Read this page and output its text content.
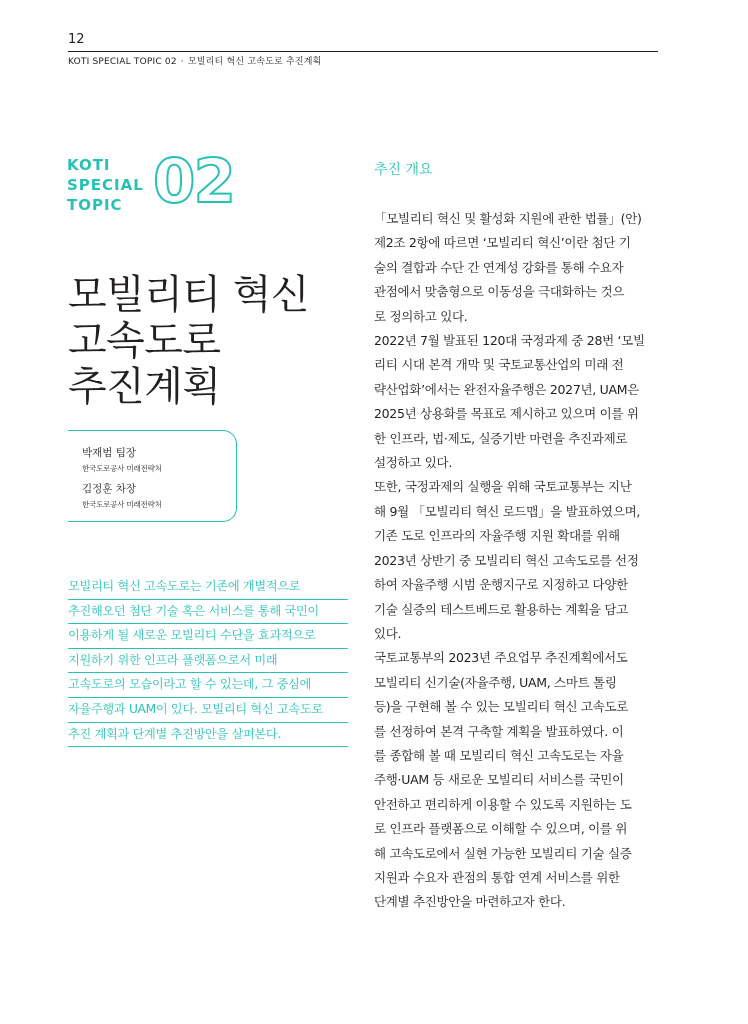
12

KOTI SPECIAL TOPIC 02 · 모빌리티 혁신 고속도로 추진계획
KOTI
SPECIAL
TOPIC 02
모빌리티 혁신
고속도로
추진계획
박재범 팀장
한국도로공사 미래전략처
김정훈 차장
한국도로공사 미래전략처

모빌리티 혁신 고속도로는 기존에 개별적으로
추진해오던 첨단 기술 혹은 서비스를 통해 국민이
이용하게 될 새로운 모빌리티 수단을 효과적으로
지원하기 위한 인프라 플랫폼으로서 미래
고속도로의 모습이라고 할 수 있는데, 그 중심에
자율주행과 UAM이 있다. 모빌리티 혁신 고속도로
추진 계획과 단계별 추진방안을 살펴본다.

추진 개요
「모빌리티 혁신 및 활성화 지원에 관한 법률」(안)
제2조 2항에 따르면 ‘모빌리티 혁신’이란 첨단 기
술의 결합과 수단 간 연계성 강화를 통해 수요자
관점에서 맞춤형으로 이동성을 극대화하는 것으
로 정의하고 있다.
2022년 7월 발표된 120대 국정과제 중 28번 ‘모빌
리티 시대 본격 개막 및 국토교통산업의 미래 전
략산업화’에서는 완전자율주행은 2027년, UAM은
2025년 상용화를 목표로 제시하고 있으며 이를 위
한 인프라, 법·제도, 실증기반 마련을 추진과제로
설정하고 있다.
또한, 국정과제의 실행을 위해 국토교통부는 지난
해 9월 「모빌리티 혁신 로드맵」을 발표하였으며,
기존 도로 인프라의 자율주행 지원 확대를 위해
2023년 상반기 중 모빌리티 혁신 고속도로를 선정
하여 자율주행 시범 운행지구로 지정하고 다양한
기술 실증의 테스트베드로 활용하는 계획을 담고
있다.
국토교통부의 2023년 주요업무 추진계획에서도
모빌리티 신기술(자율주행, UAM, 스마트 톨링
등)을 구현해 볼 수 있는 모빌리티 혁신 고속도로
를 선정하여 본격 구축할 계획을 발표하였다. 이
를 종합해 볼 때 모빌리티 혁신 고속도로는 자율
주행·UAM 등 새로운 모빌리티 서비스를 국민이
안전하고 편리하게 이용할 수 있도록 지원하는 도
로 인프라 플랫폼으로 이해할 수 있으며, 이를 위
해 고속도로에서 실현 가능한 모빌리티 기술 실증
지원과 수요자 관점의 통합 연계 서비스를 위한
단계별 추진방안을 마련하고자 한다.
